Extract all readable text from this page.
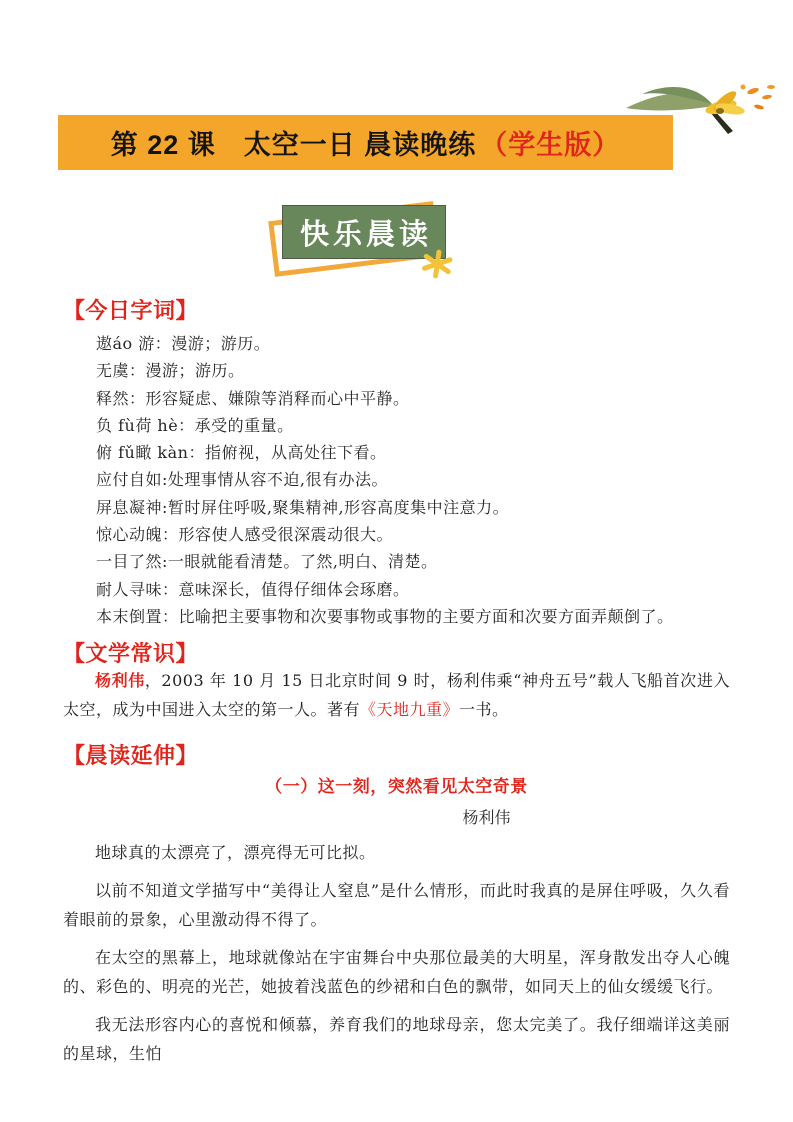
第 22 课　太空一日 晨读晚练 （学生版）
快乐晨读
【今日字词】
遨áo 游：漫游；游历。
无虞：漫游；游历。
释然：形容疑虑、嫌隙等消释而心中平静。
负 fù荷 hè：承受的重量。
俯 fǔ瞰 kàn：指俯视，从高处往下看。
应付自如:处理事情从容不迫,很有办法。
屏息凝神:暂时屏住呼吸,聚集精神,形容高度集中注意力。
惊心动魄：形容使人感受很深震动很大。
一目了然:一眼就能看清楚。了然,明白、清楚。
耐人寻味：意味深长，值得仔细体会琢磨。
本末倒置：比喻把主要事物和次要事物或事物的主要方面和次要方面弄颠倒了。
【文学常识】

杨利伟，2003 年 10 月 15 日北京时间 9 时，杨利伟乘“神舟五号”载人飞船首次进入太空，成为中国进入太空的第一人。著有《天地九重》一书。

【晨读延伸】

（一）这一刻，突然看见太空奇景

杨利伟

地球真的太漂亮了，漂亮得无可比拟。

以前不知道文学描写中“美得让人窒息”是什么情形，而此时我真的是屏住呼吸，久久看着眼前的景象，心里激动得不得了。

在太空的黑幕上，地球就像站在宇宙舞台中央那位最美的大明星，浑身散发出夺人心魄的、彩色的、明亮的光芒，她披着浅蓝色的纱裙和白色的飘带，如同天上的仙女缓缓飞行。

我无法形容内心的喜悦和倾慕，养育我们的地球母亲，您太完美了。我仔细端详这美丽的星球，生怕
